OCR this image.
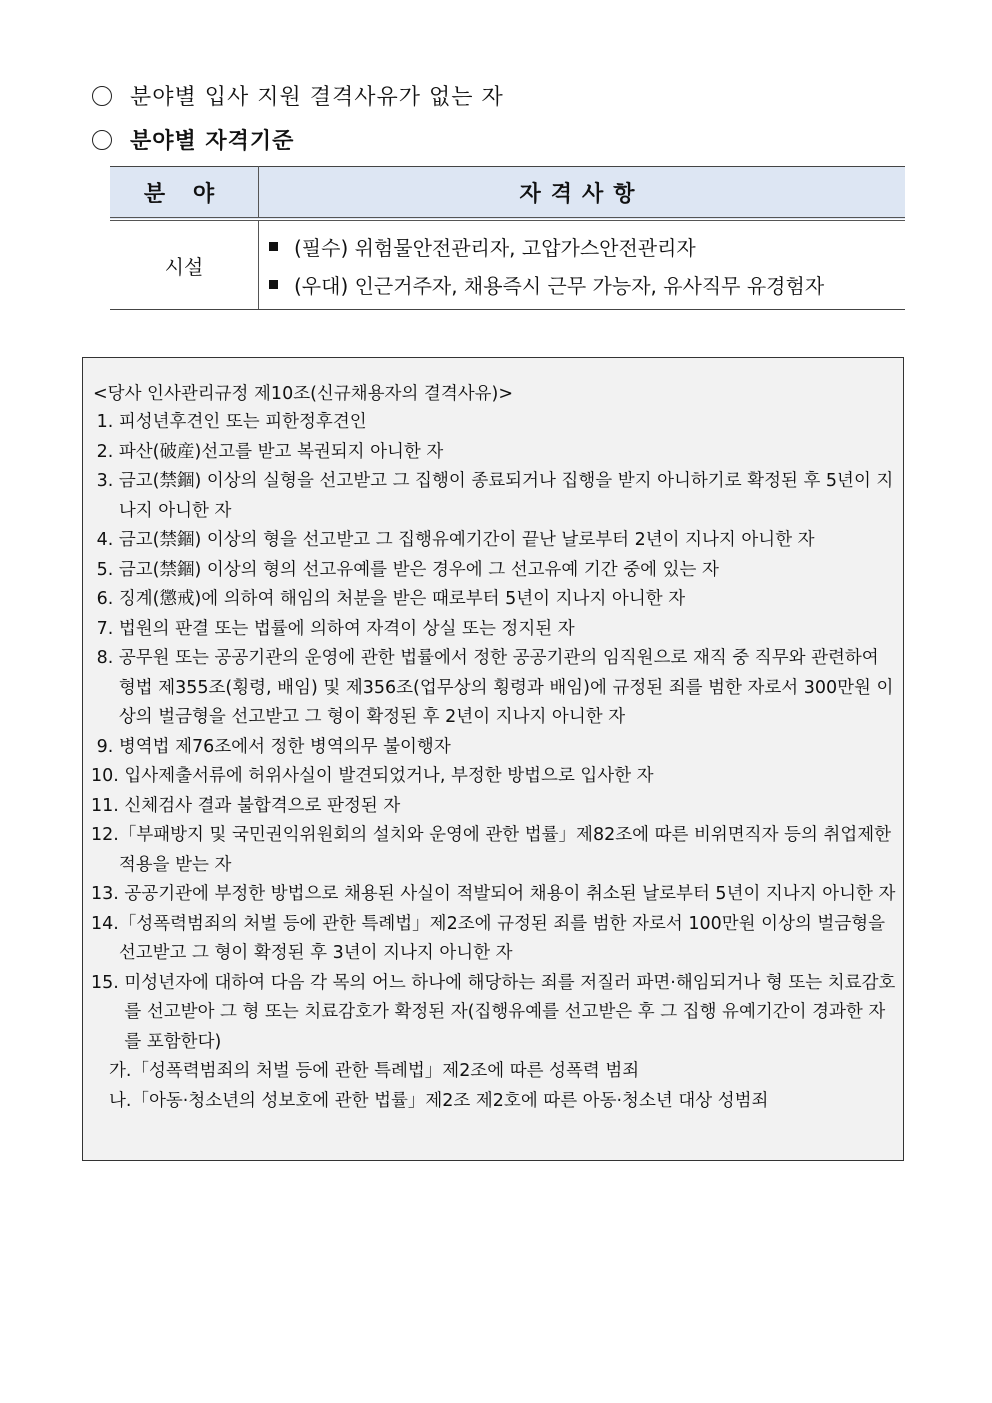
분야별 입사 지원 결격사유가 없는 자
분야별 자격기준
분 야	자격사항
시설	(필수) 위험물안전관리자, 고압가스안전관리자
(우대) 인근거주자, 채용즉시 근무 가능자, 유사직무 유경험자
<당사 인사관리규정 제10조(신규채용자의 결격사유)>
1. 피성년후견인 또는 피한정후견인
2. 파산(破産)선고를 받고 복권되지 아니한 자
3. 금고(禁錮) 이상의 실형을 선고받고 그 집행이 종료되거나 집행을 받지 아니하기로 확정된 후 5년이 지나지 아니한 자
4. 금고(禁錮) 이상의 형을 선고받고 그 집행유예기간이 끝난 날로부터 2년이 지나지 아니한 자
5. 금고(禁錮) 이상의 형의 선고유예를 받은 경우에 그 선고유예 기간 중에 있는 자
6. 징계(懲戒)에 의하여 해임의 처분을 받은 때로부터 5년이 지나지 아니한 자
7. 법원의 판결 또는 법률에 의하여 자격이 상실 또는 정지된 자
8. 공무원 또는 공공기관의 운영에 관한 법률에서 정한 공공기관의 임직원으로 재직 중 직무와 관련하여 형법 제355조(횡령, 배임) 및 제356조(업무상의 횡령과 배임)에 규정된 죄를 범한 자로서 300만원 이상의 벌금형을 선고받고 그 형이 확정된 후 2년이 지나지 아니한 자
9. 병역법 제76조에서 정한 병역의무 불이행자
10. 입사제출서류에 허위사실이 발견되었거나, 부정한 방법으로 입사한 자
11. 신체검사 결과 불합격으로 판정된 자
12. 「부패방지 및 국민권익위원회의 설치와 운영에 관한 법률」제82조에 따른 비위면직자 등의 취업제한 적용을 받는 자
13. 공공기관에 부정한 방법으로 채용된 사실이 적발되어 채용이 취소된 날로부터 5년이 지나지 아니한 자
14. 「성폭력범죄의 처벌 등에 관한 특례법」제2조에 규정된 죄를 범한 자로서 100만원 이상의 벌금형을 선고받고 그 형이 확정된 후 3년이 지나지 아니한 자
15. 미성년자에 대하여 다음 각 목의 어느 하나에 해당하는 죄를 저질러 파면·해임되거나 형 또는 치료감호를 선고받아 그 형 또는 치료감호가 확정된 자(집행유예를 선고받은 후 그 집행 유예기간이 경과한 자를 포함한다)
가. 「성폭력범죄의 처벌 등에 관한 특례법」제2조에 따른 성폭력 범죄
나. 「아동·청소년의 성보호에 관한 법률」제2조 제2호에 따른 아동·청소년 대상 성범죄
